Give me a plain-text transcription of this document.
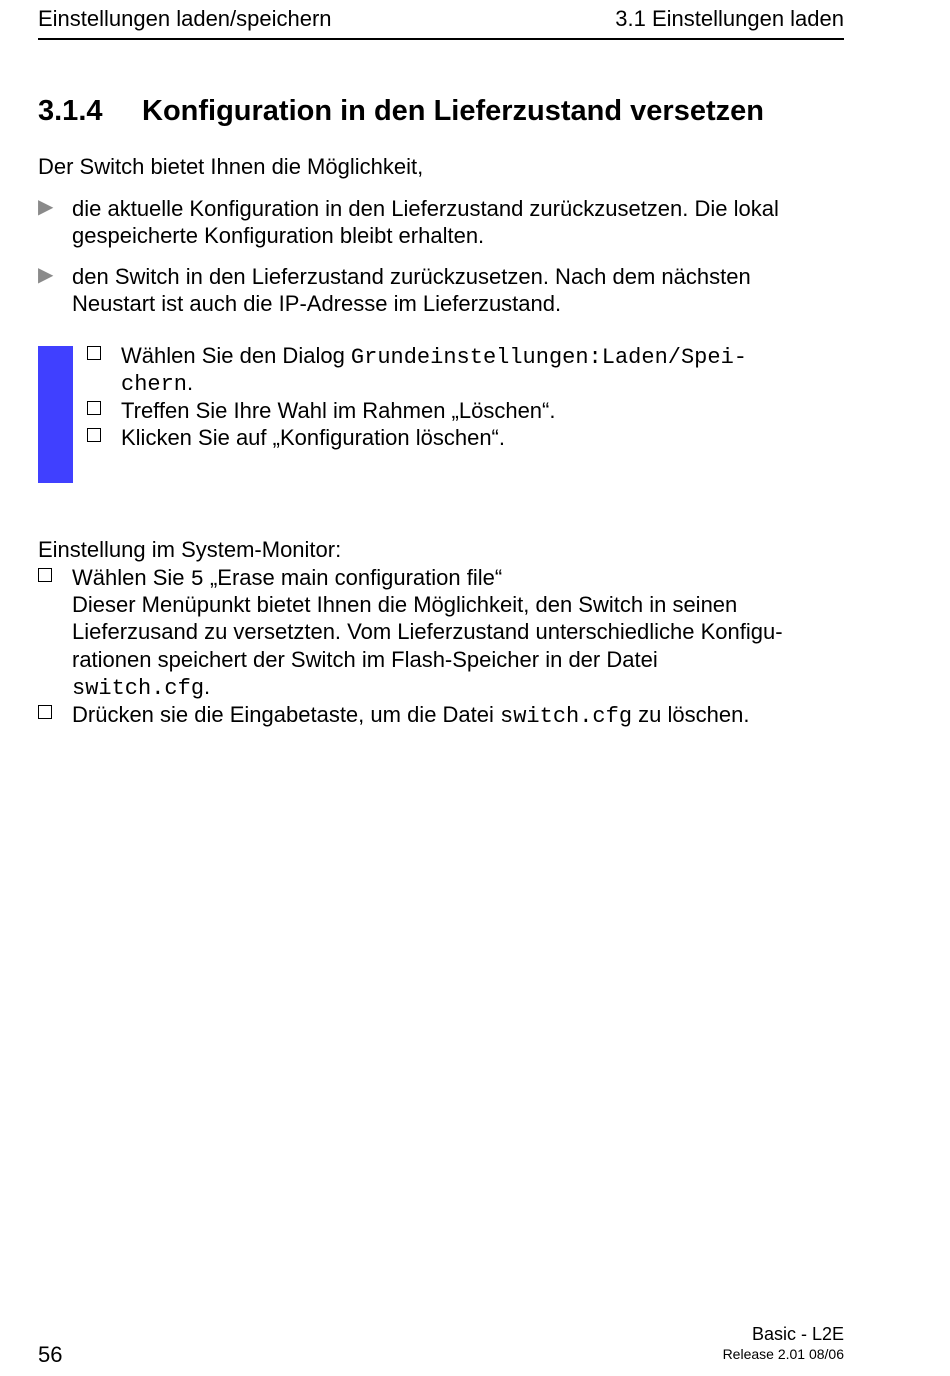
Einstellungen laden/speichern	3.1 Einstellungen laden
3.1.4 Konfiguration in den Lieferzustand versetzen
Der Switch bietet Ihnen die Möglichkeit,
▶ die aktuelle Konfiguration in den Lieferzustand zurückzusetzen. Die lokal
gespeicherte Konfiguration bleibt erhalten.
▶ den Switch in den Lieferzustand zurückzusetzen. Nach dem nächsten
Neustart ist auch die IP-Adresse im Lieferzustand.
Wählen Sie den Dialog Grundeinstellungen:Laden/Spei-
chern.
Treffen Sie Ihre Wahl im Rahmen „Löschen“.
Klicken Sie auf „Konfiguration löschen“.
Einstellung im System-Monitor:
Wählen Sie 5 „Erase main configuration file“
Dieser Menüpunkt bietet Ihnen die Möglichkeit, den Switch in seinen
Lieferzusand zu versetzten. Vom Lieferzustand unterschiedliche Konfigu-
rationen speichert der Switch im Flash-Speicher in der Datei
switch.cfg.
Drücken sie die Eingabetaste, um die Datei switch.cfg zu löschen.
56
Basic - L2E
Release 2.01 08/06
